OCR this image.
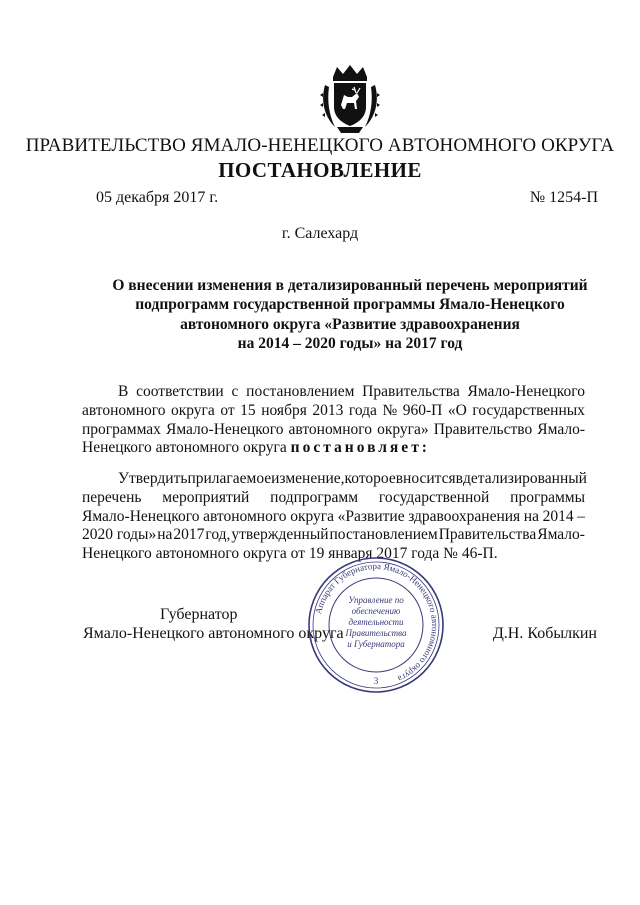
ПРАВИТЕЛЬСТВО ЯМАЛО-НЕНЕЦКОГО АВТОНОМНОГО ОКРУГА
ПОСТАНОВЛЕНИЕ
05 декабря 2017 г.	№ 1254-П
г. Салехард
О внесении изменения в детализированный перечень мероприятий
подпрограмм государственной программы Ямало-Ненецкого
автономного округа «Развитие здравоохранения
на 2014 – 2020 годы» на 2017 год
В соответствии с постановлением Правительства Ямало-Ненецкого
автономного округа от 15 ноября 2013 года № 960-П «О государственных
программах Ямало-Ненецкого автономного округа» Правительство Ямало-
Ненецкого автономного округа постановляет:
Утвердить прилагаемое изменение, которое вносится в детализированный
перечень мероприятий подпрограмм государственной программы
Ямало-Ненецкого автономного округа «Развитие здравоохранения на 2014 –
2020 годы» на 2017 год, утвержденный постановлением Правительства Ямало-
Ненецкого автономного округа от 19 января 2017 года № 46-П.
Губернатор
Ямало-Ненецкого автономного округа	Д.Н. Кобылкин
Аппарат Губернатора Ямало-Ненецкого автономного округа
Управление по
обеспечению
деятельности
Правительства
и Губернатора
3
